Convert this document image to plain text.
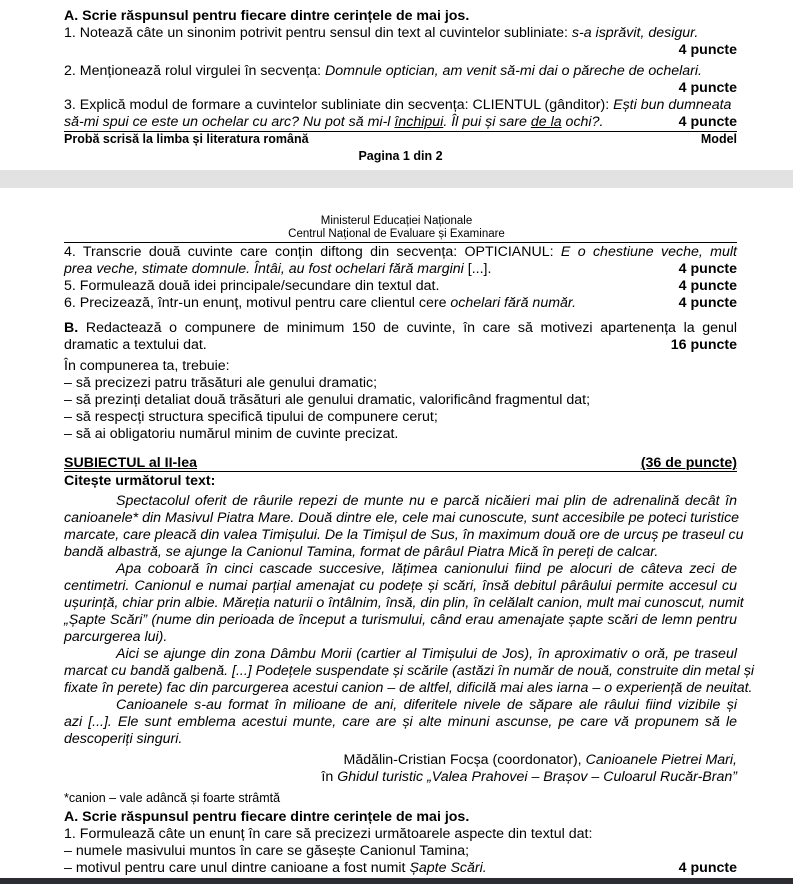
A. Scrie răspunsul pentru fiecare dintre cerințele de mai jos.
1. Notează câte un sinonim potrivit pentru sensul din text al cuvintelor subliniate: s-a isprăvit, desigur.
4 puncte
2. Menționează rolul virgulei în secvența: Domnule optician, am venit să-mi dai o păreche de ochelari.
4 puncte
3. Explică modul de formare a cuvintelor subliniate din secvența: CLIENTUL (gânditor): Ești bun dumneata
să-mi spui ce este un ochelar cu arc? Nu pot să mi-l închipui. Îl pui și sare de la ochi?.	4 puncte
Probă scrisă la limba și literatura română	Model
Pagina 1 din 2
Ministerul Educației Naționale
Centrul Național de Evaluare și Examinare
4. Transcrie două cuvinte care conțin diftong din secvența: OPTICIANUL: E o chestiune veche, mult
prea veche, stimate domnule. Întâi, au fost ochelari fără margini [...].	4 puncte
5. Formulează două idei principale/secundare din textul dat.	4 puncte
6. Precizează, într-un enunț, motivul pentru care clientul cere ochelari fără număr.	4 puncte
B. Redactează o compunere de minimum 150 de cuvinte, în care să motivezi apartenența la genul
dramatic a textului dat.	16 puncte
În compunerea ta, trebuie:
– să precizezi patru trăsături ale genului dramatic;
– să prezinți detaliat două trăsături ale genului dramatic, valorificând fragmentul dat;
– să respecți structura specifică tipului de compunere cerut;
– să ai obligatoriu numărul minim de cuvinte precizat.
SUBIECTUL al II-lea	(36 de puncte)
Citește următorul text:
Spectacolul oferit de râurile repezi de munte nu e parcă nicăieri mai plin de adrenalină decât în
canioanele* din Masivul Piatra Mare. Două dintre ele, cele mai cunoscute, sunt accesibile pe poteci turistice
marcate, care pleacă din valea Timișului. De la Timișul de Sus, în maximum două ore de urcuș pe traseul cu
bandă albastră, se ajunge la Canionul Tamina, format de pârâul Piatra Mică în pereți de calcar.
Apa coboară în cinci cascade succesive, lățimea canionului fiind pe alocuri de câteva zeci de
centimetri. Canionul e numai parțial amenajat cu podețe și scări, însă debitul pârâului permite accesul cu
ușurință, chiar prin albie. Măreția naturii o întâlnim, însă, din plin, în celălalt canion, mult mai cunoscut, numit
„Șapte Scări” (nume din perioada de început a turismului, când erau amenajate șapte scări de lemn pentru
parcurgerea lui).
Aici se ajunge din zona Dâmbu Morii (cartier al Timișului de Jos), în aproximativ o oră, pe traseul
marcat cu bandă galbenă. [...] Podețele suspendate și scările (astăzi în număr de nouă, construite din metal și
fixate în perete) fac din parcurgerea acestui canion – de altfel, dificilă mai ales iarna – o experiență de neuitat.
Canioanele s-au format în milioane de ani, diferitele nivele de săpare ale râului fiind vizibile și
azi [...]. Ele sunt emblema acestui munte, care are și alte minuni ascunse, pe care vă propunem să le
descoperiți singuri.
Mădălin-Cristian Focșa (coordonator), Canioanele Pietrei Mari,
în Ghidul turistic „Valea Prahovei – Brașov – Culoarul Rucăr-Bran”
*canion – vale adâncă și foarte strâmtă
A. Scrie răspunsul pentru fiecare dintre cerințele de mai jos.
1. Formulează câte un enunț în care să precizezi următoarele aspecte din textul dat:
– numele masivului muntos în care se găsește Canionul Tamina;
– motivul pentru care unul dintre canioane a fost numit Șapte Scări.	4 puncte
